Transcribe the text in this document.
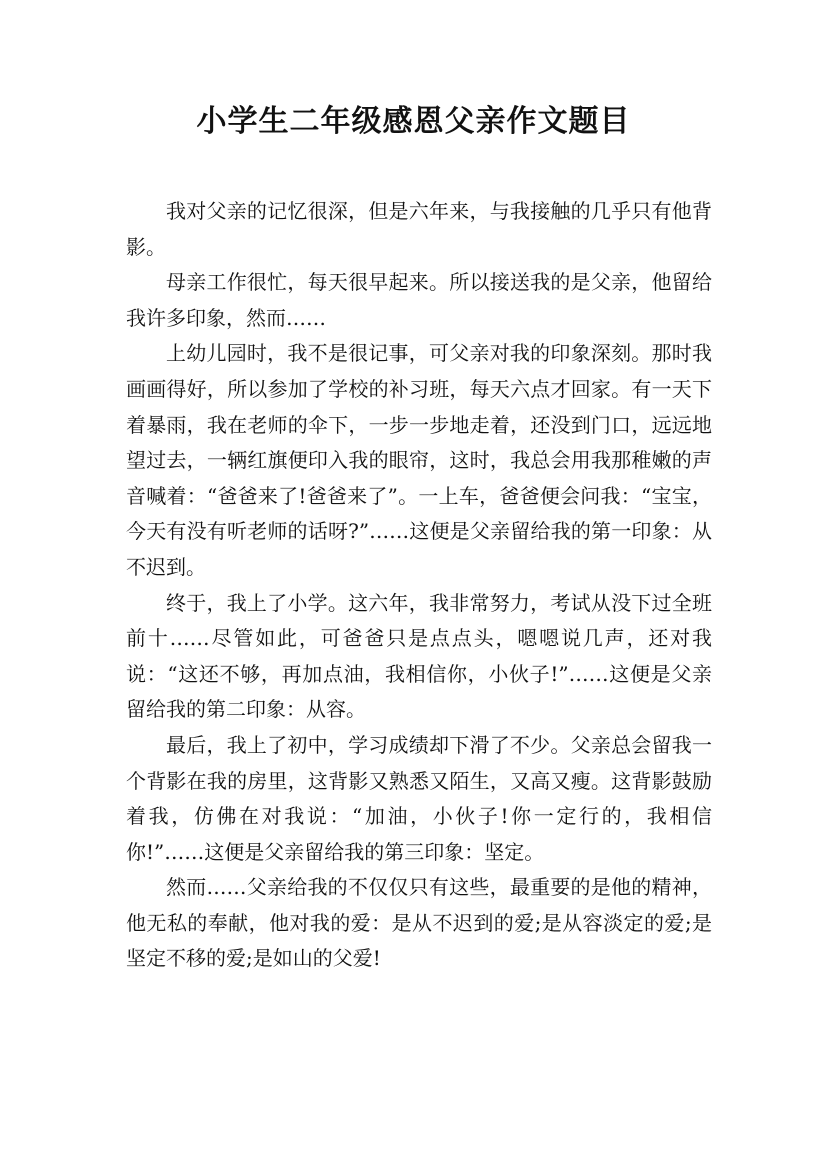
小学生二年级感恩父亲作文题目

我对父亲的记忆很深，但是六年来，与我接触的几乎只有他背影。

母亲工作很忙，每天很早起来。所以接送我的是父亲，他留给我许多印象，然而……

上幼儿园时，我不是很记事，可父亲对我的印象深刻。那时我画画得好，所以参加了学校的补习班，每天六点才回家。有一天下着暴雨，我在老师的伞下，一步一步地走着，还没到门口，远远地望过去，一辆红旗便印入我的眼帘，这时，我总会用我那稚嫩的声音喊着：“爸爸来了!爸爸来了”。一上车，爸爸便会问我：“宝宝，今天有没有听老师的话呀?”……这便是父亲留给我的第一印象：从不迟到。

终于，我上了小学。这六年，我非常努力，考试从没下过全班前十……尽管如此，可爸爸只是点点头，嗯嗯说几声，还对我说：“这还不够，再加点油，我相信你，小伙子!”……这便是父亲留给我的第二印象：从容。

最后，我上了初中，学习成绩却下滑了不少。父亲总会留我一个背影在我的房里，这背影又熟悉又陌生，又高又瘦。这背影鼓励着我，仿佛在对我说：“加油，小伙子!你一定行的，我相信你!”……这便是父亲留给我的第三印象：坚定。

然而……父亲给我的不仅仅只有这些，最重要的是他的精神，他无私的奉献，他对我的爱：是从不迟到的爱;是从容淡定的爱;是坚定不移的爱;是如山的父爱!
